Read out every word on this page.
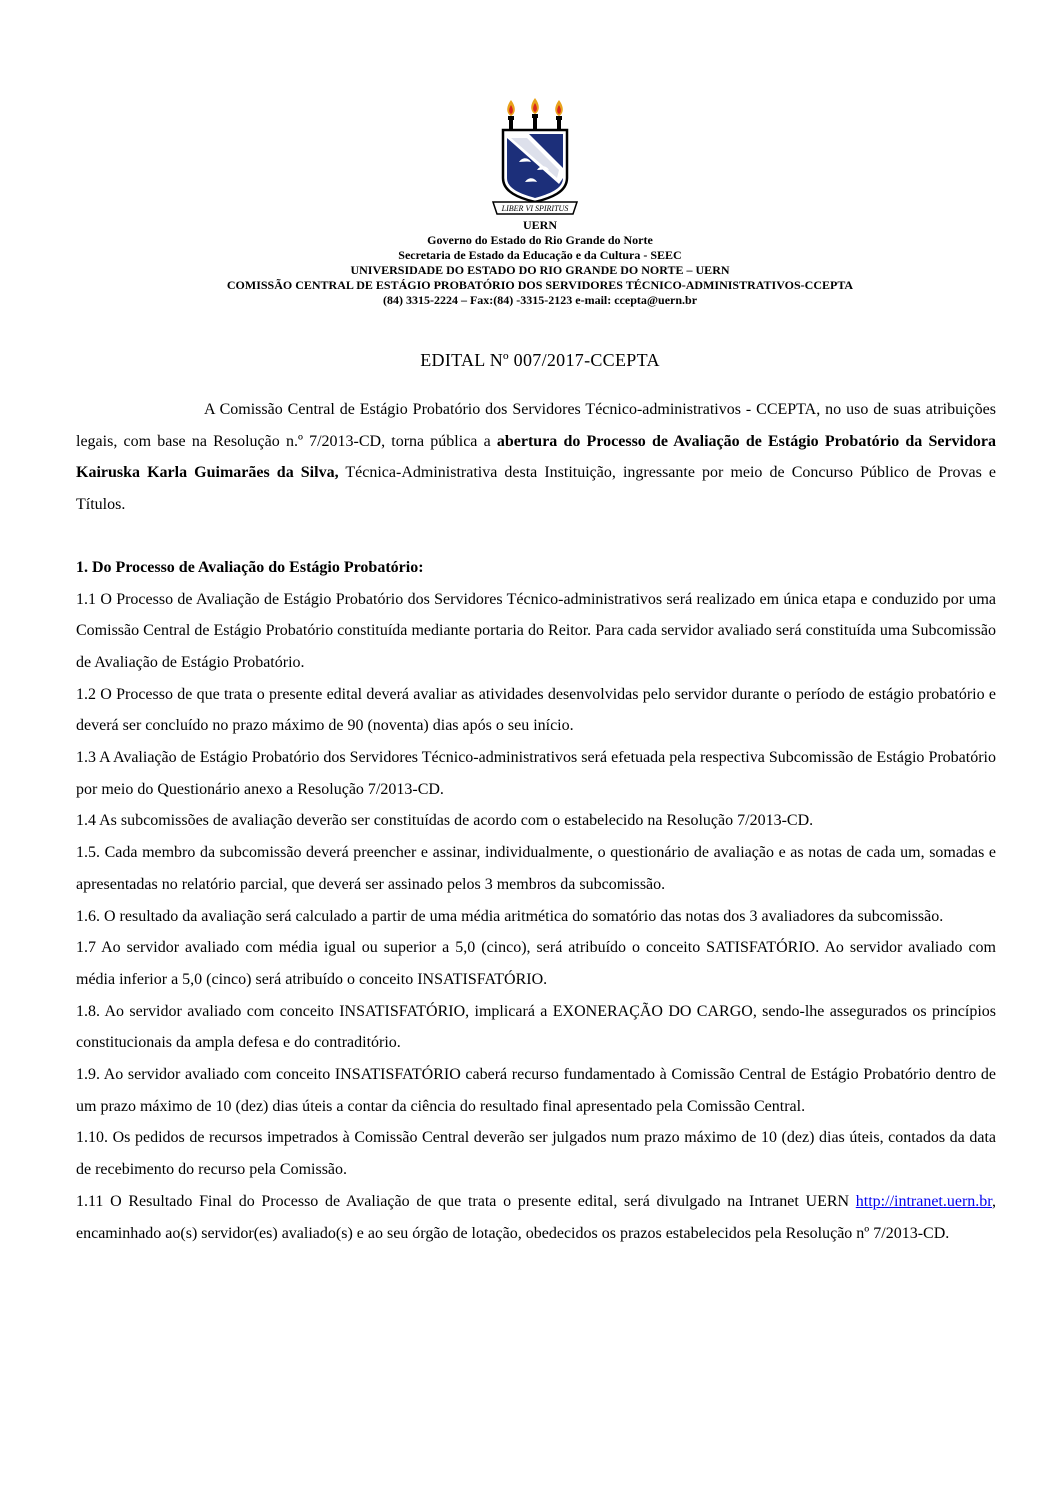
LIBER VI SPIRITUS
UERN
Governo do Estado do Rio Grande do Norte
Secretaria de Estado da Educação e da Cultura - SEEC
UNIVERSIDADE DO ESTADO DO RIO GRANDE DO NORTE – UERN
COMISSÃO CENTRAL DE ESTÁGIO PROBATÓRIO DOS SERVIDORES TÉCNICO-ADMINISTRATIVOS-CCEPTA
(84) 3315-2224 – Fax:(84) -3315-2123 e-mail: ccepta@uern.br
EDITAL Nº 007/2017-CCEPTA

A Comissão Central de Estágio Probatório dos Servidores Técnico-administrativos - CCEPTA, no uso de suas atribuições legais, com base na Resolução n.º 7/2013-CD, torna pública a abertura do Processo de Avaliação de Estágio Probatório da Servidora Kairuska Karla Guimarães da Silva, Técnica-Administrativa desta Instituição, ingressante por meio de Concurso Público de Provas e Títulos.

1. Do Processo de Avaliação do Estágio Probatório:

1.1 O Processo de Avaliação de Estágio Probatório dos Servidores Técnico-administrativos será realizado em única etapa e conduzido por uma Comissão Central de Estágio Probatório constituída mediante portaria do Reitor. Para cada servidor avaliado será constituída uma Subcomissão de Avaliação de Estágio Probatório.

1.2 O Processo de que trata o presente edital deverá avaliar as atividades desenvolvidas pelo servidor durante o período de estágio probatório e deverá ser concluído no prazo máximo de 90 (noventa) dias após o seu início.

1.3 A Avaliação de Estágio Probatório dos Servidores Técnico-administrativos será efetuada pela respectiva Subcomissão de Estágio Probatório por meio do Questionário anexo a Resolução 7/2013-CD.

1.4 As subcomissões de avaliação deverão ser constituídas de acordo com o estabelecido na Resolução 7/2013-CD.

1.5. Cada membro da subcomissão deverá preencher e assinar, individualmente, o questionário de avaliação e as notas de cada um, somadas e apresentadas no relatório parcial, que deverá ser assinado pelos 3 membros da subcomissão.

1.6. O resultado da avaliação será calculado a partir de uma média aritmética do somatório das notas dos 3 avaliadores da subcomissão.

1.7 Ao servidor avaliado com média igual ou superior a 5,0 (cinco), será atribuído o conceito SATISFATÓRIO. Ao servidor avaliado com média inferior a 5,0 (cinco) será atribuído o conceito INSATISFATÓRIO.

1.8. Ao servidor avaliado com conceito INSATISFATÓRIO, implicará a EXONERAÇÃO DO CARGO, sendo-lhe assegurados os princípios constitucionais da ampla defesa e do contraditório.

1.9. Ao servidor avaliado com conceito INSATISFATÓRIO caberá recurso fundamentado à Comissão Central de Estágio Probatório dentro de um prazo máximo de 10 (dez) dias úteis a contar da ciência do resultado final apresentado pela Comissão Central.

1.10. Os pedidos de recursos impetrados à Comissão Central deverão ser julgados num prazo máximo de 10 (dez) dias úteis, contados da data de recebimento do recurso pela Comissão.

1.11 O Resultado Final do Processo de Avaliação de que trata o presente edital, será divulgado na Intranet UERN http://intranet.uern.br, encaminhado ao(s) servidor(es) avaliado(s) e ao seu órgão de lotação, obedecidos os prazos estabelecidos pela Resolução nº 7/2013-CD.
